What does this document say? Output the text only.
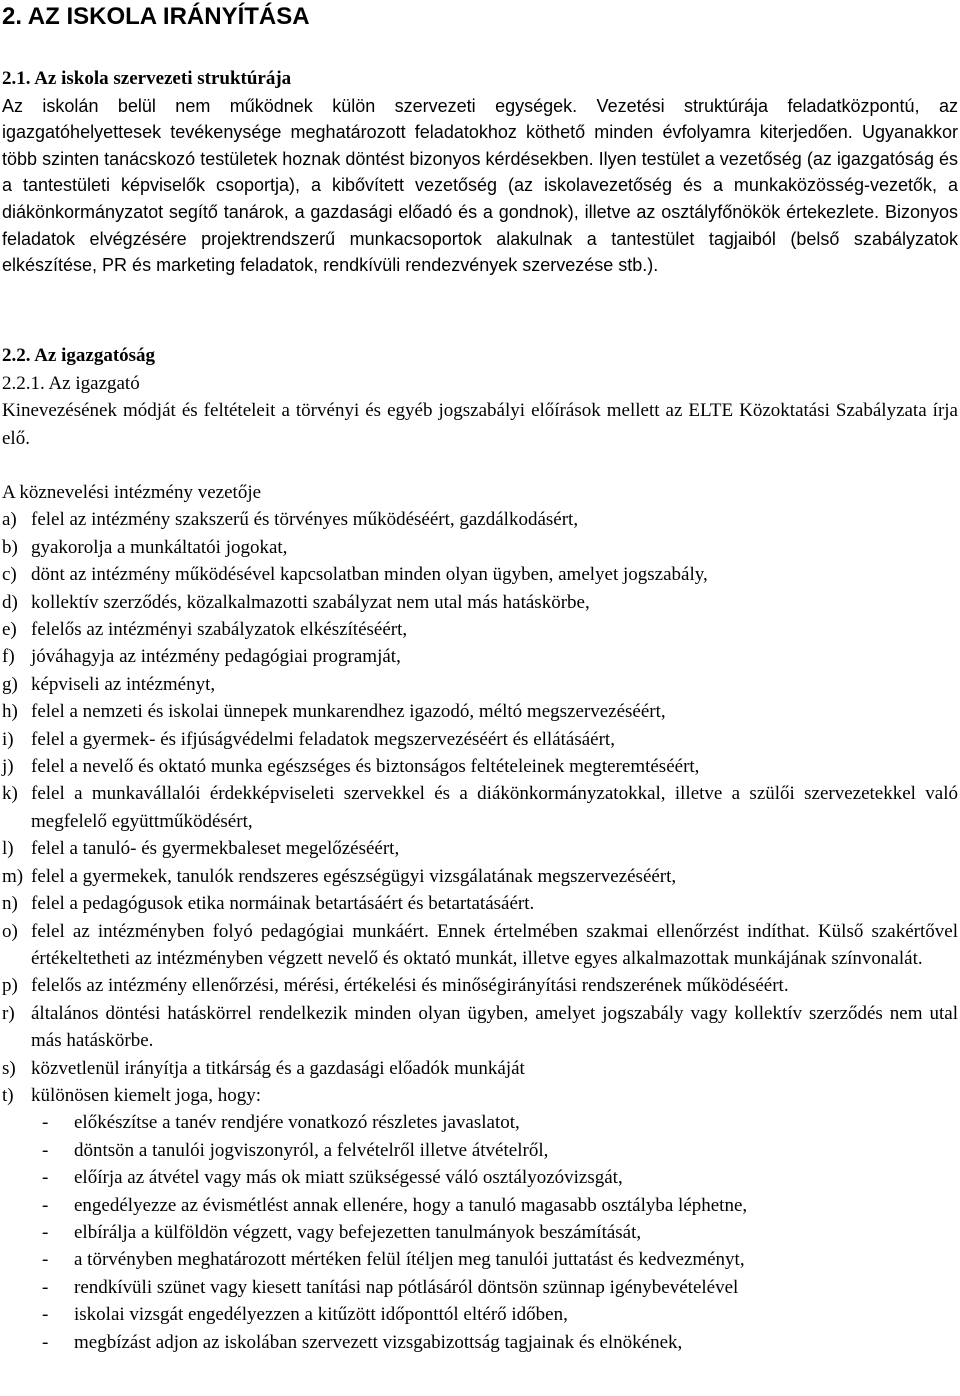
2. AZ ISKOLA IRÁNYÍTÁSA
2.1. Az iskola szervezeti struktúrája

Az iskolán belül nem működnek külön szervezeti egységek. Vezetési struktúrája feladatközpontú, az igazgatóhelyettesek tevékenysége meghatározott feladatokhoz köthető minden évfolyamra kiterjedően. Ugyanakkor több szinten tanácskozó testületek hoznak döntést bizonyos kérdésekben. Ilyen testület a vezetőség (az igazgatóság és a tantestületi képviselők csoportja), a kibővített vezetőség (az iskolavezetőség és a munkaközösség-vezetők, a diákönkormányzatot segítő tanárok, a gazdasági előadó és a gondnok), illetve az osztályfőnökök értekezlete. Bizonyos feladatok elvégzésére projektrendszerű munkacsoportok alakulnak a tantestület tagjaiból (belső szabályzatok elkészítése, PR és marketing feladatok, rendkívüli rendezvények szervezése stb.).

2.2. Az igazgatóság
2.2.1. Az igazgató

Kinevezésének módját és feltételeit a törvényi és egyéb jogszabályi előírások mellett az ELTE Közoktatási Szabályzata írja elő.

A köznevelési intézmény vezetője
a) felel az intézmény szakszerű és törvényes működéséért, gazdálkodásért,
b) gyakorolja a munkáltatói jogokat,
c) dönt az intézmény működésével kapcsolatban minden olyan ügyben, amelyet jogszabály,
d) kollektív szerződés, közalkalmazotti szabályzat nem utal más hatáskörbe,
e) felelős az intézményi szabályzatok elkészítéséért,
f) jóváhagyja az intézmény pedagógiai programját,
g) képviseli az intézményt,
h) felel a nemzeti és iskolai ünnepek munkarendhez igazodó, méltó megszervezéséért,
i) felel a gyermek- és ifjúságvédelmi feladatok megszervezéséért és ellátásáért,
j) felel a nevelő és oktató munka egészséges és biztonságos feltételeinek megteremtéséért,
k) felel a munkavállalói érdekképviseleti szervekkel és a diákönkormányzatokkal, illetve a szülői szervezetekkel való megfelelő együttműködésért,
l) felel a tanuló- és gyermekbaleset megelőzéséért,
m) felel a gyermekek, tanulók rendszeres egészségügyi vizsgálatának megszervezéséért,
n) felel a pedagógusok etika normáinak betartásáért és betartatásáért.
o) felel az intézményben folyó pedagógiai munkáért. Ennek értelmében szakmai ellenőrzést indíthat. Külső szakértővel értékeltetheti az intézményben végzett nevelő és oktató munkát, illetve egyes alkalmazottak munkájának színvonalát.
p) felelős az intézmény ellenőrzési, mérési, értékelési és minőségirányítási rendszerének működéséért.
r) általános döntési hatáskörrel rendelkezik minden olyan ügyben, amelyet jogszabály vagy kollektív szerződés nem utal más hatáskörbe.
s) közvetlenül irányítja a titkárság és a gazdasági előadók munkáját
t) különösen kiemelt joga, hogy:
-	előkészítse a tanév rendjére vonatkozó részletes javaslatot,
-	döntsön a tanulói jogviszonyról, a felvételről illetve átvételről,
-	előírja az átvétel vagy más ok miatt szükségessé váló osztályozóvizsgát,
-	engedélyezze az évismétlést annak ellenére, hogy a tanuló magasabb osztályba léphetne,
-	elbírálja a külföldön végzett, vagy befejezetten tanulmányok beszámítását,
-	a törvényben meghatározott mértéken felül ítéljen meg tanulói juttatást és kedvezményt,
-	rendkívüli szünet vagy kiesett tanítási nap pótlásáról döntsön szünnap igénybevételével
-	iskolai vizsgát engedélyezzen a kitűzött időponttól eltérő időben,
-	megbízást adjon az iskolában szervezett vizsgabizottság tagjainak és elnökének,
